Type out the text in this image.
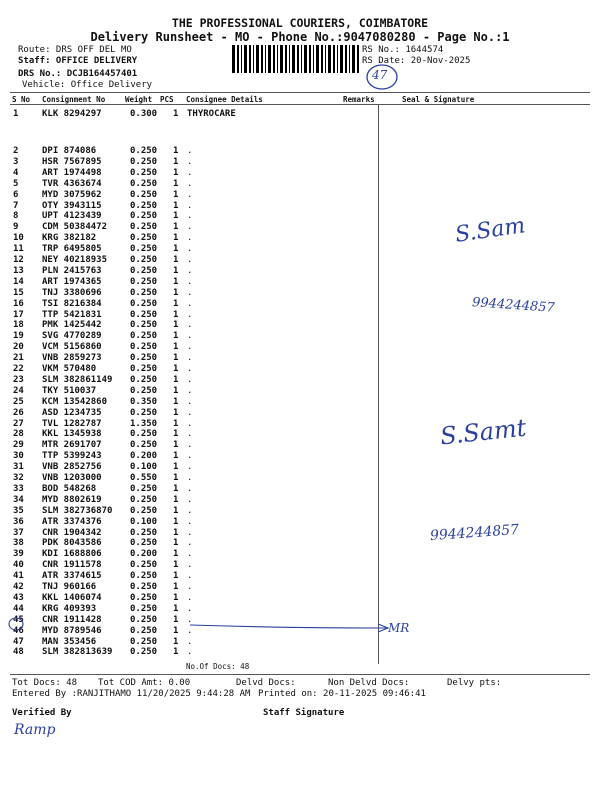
THE PROFESSIONAL COURIERS, COIMBATORE
Delivery Runsheet - MO - Phone No.:9047080280 - Page No.:1
Route: DRS OFF DEL MO
Staff: OFFICE DELIVERY
DRS No.: DCJB164457401
Vehicle: Office Delivery
RS No.: 1644574
RS Date: 20-Nov-2025
47
S No Consignment No	Weight PCS Consignee Details	Remarks	Seal & Signature
1	KLK 8294297	0.300 1 THYROCARE
2	DPI 874086	0.250 1 .
3	HSR 7567895	0.250 1 .
4	ART 1974498	0.250 1 .
5	TVR 4363674	0.250 1 .
6	MYD 3075962	0.250 1 .
7	OTY 3943115	0.250 1 .
8	UPT 4123439	0.250 1 .
9	CDM 50384472	0.250 1 .
10 KRG 382182	0.250 1 .
11 TRP 6495805	0.250 1 .
12 NEY 40218935	0.250 1 .
13 PLN 2415763	0.250 1 .
14 ART 1974365	0.250 1 .
15 TNJ 3380696	0.250 1 .
16 TSI 8216384	0.250 1 .
17 TTP 5421831	0.250 1 .
18 PMK 1425442	0.250 1 .
19 SVG 4770289	0.250 1 .
20 VCM 5156860	0.250 1 .
21 VNB 2859273	0.250 1 .
22 VKM 570480	0.250 1 .
23 SLM 382861149 0.250 1 .
24 TKY 510037	0.250 1 .
25 KCM 13542860	0.350 1 .
26 ASD 1234735	0.250 1 .
27 TVL 1282787	1.350 1 .
28 KKL 1345938	0.250 1 .
29 MTR 2691707	0.250 1 .
30 TTP 5399243	0.200 1 .
31 VNB 2852756	0.100 1 .
32 VNB 1203000	0.550 1 .
33 BOD 548268	0.250 1 .
34 MYD 8802619	0.250 1 .
35 SLM 382736870 0.250 1 .
36 ATR 3374376	0.100 1 .
37 CNR 1904342	0.250 1 .
38 PDK 8043586	0.250 1 .
39 KDI 1688806	0.200 1 .
40 CNR 1911578	0.250 1 .
41 ATR 3374615	0.250 1 .
42 TNJ 960166	0.250 1 .
43 KKL 1406074	0.250 1 .
44 KRG 409393	0.250 1 .
45 CNR 1911428	0.250 1 .
46 MYD 8789546	0.250 1 .
47 MAN 353456	0.250 1 .
48 SLM 382813639 0.250 1 .
No.Of Docs: 48
S.Sam
9944244857
S.Samt
9944244857
MR
Tot Docs: 48 Tot COD Amt: 0.00	Delvd Docs:	Non Delvd Docs:	Delvy pts:
Entered By :RANJITHAMO 11/20/2025 9:44:28 AM Printed on: 20-11-2025 09:46:41
Verified By	Staff Signature
Ramp
